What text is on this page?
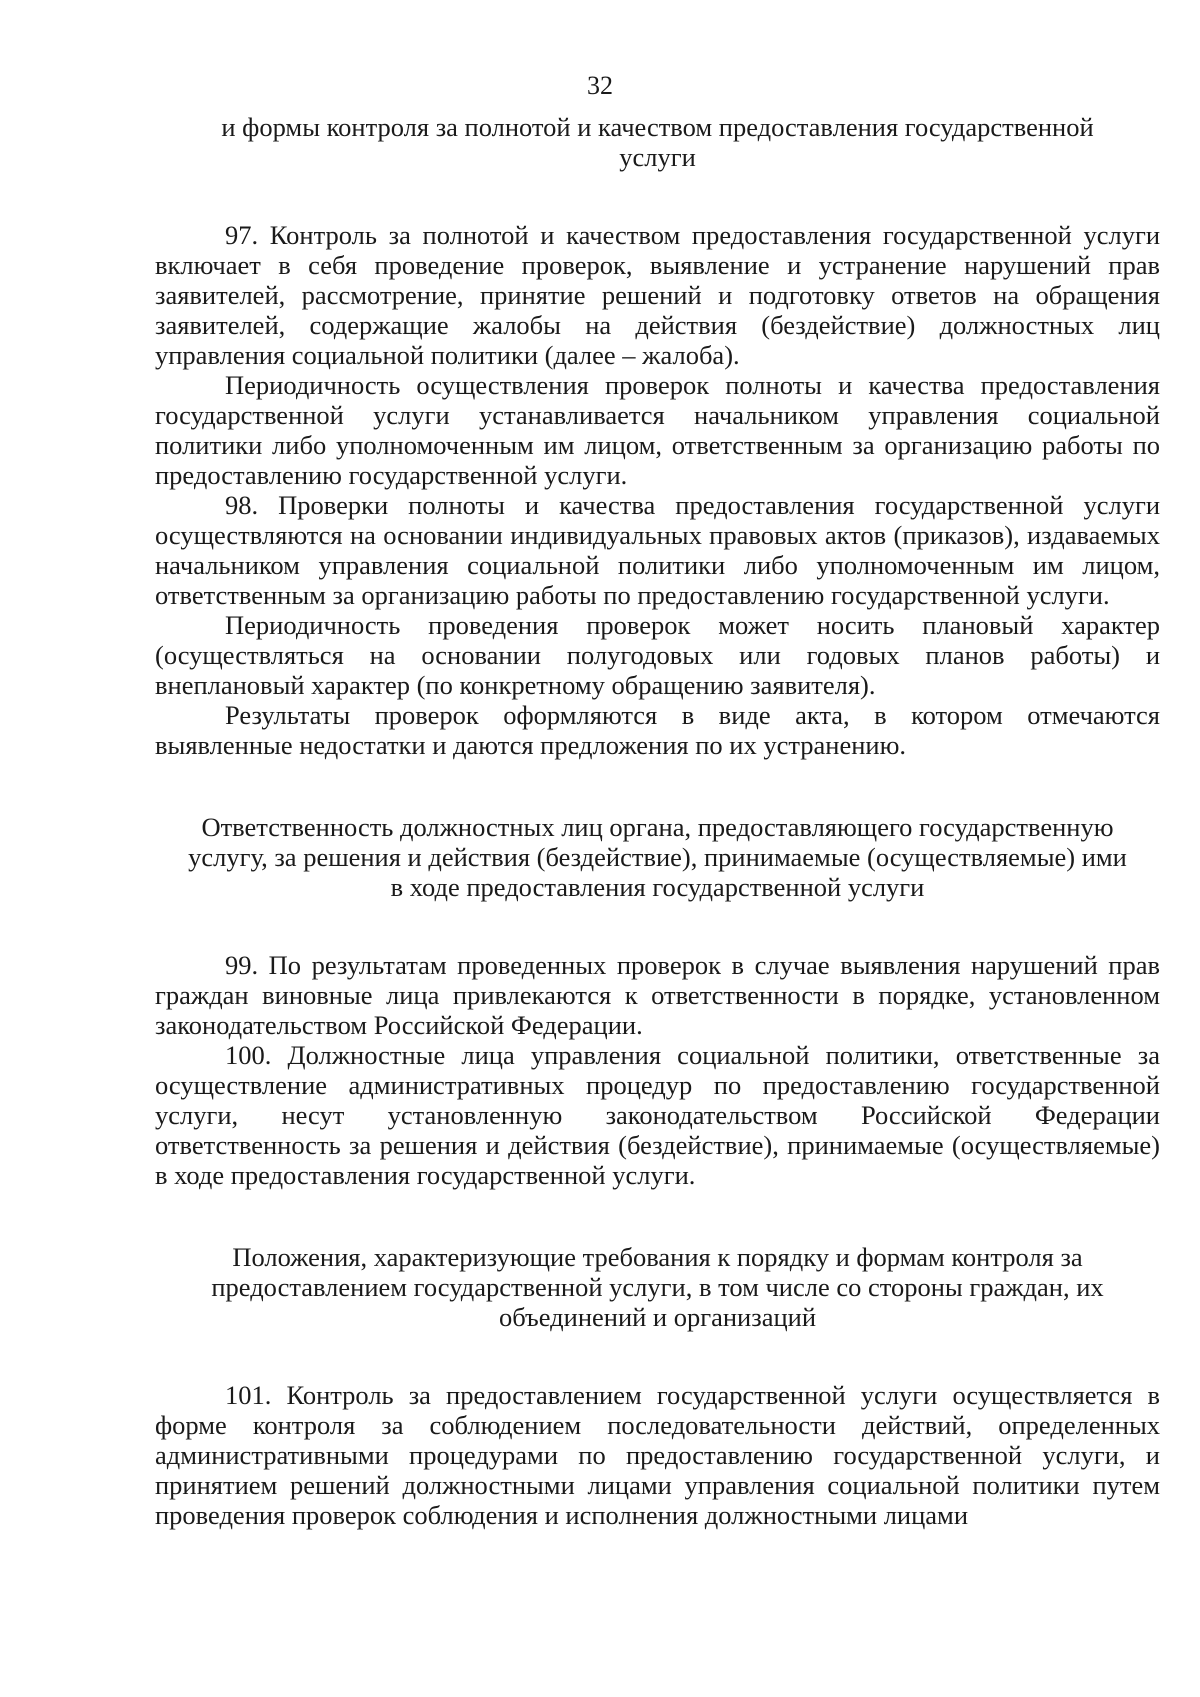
32
и формы контроля за полнотой и качеством предоставления государственной услуги

97. Контроль за полнотой и качеством предоставления государственной услуги включает в себя проведение проверок, выявление и устранение нарушений прав заявителей, рассмотрение, принятие решений и подготовку ответов на обращения заявителей, содержащие жалобы на действия (бездействие) должностных лиц управления социальной политики (далее – жалоба).

Периодичность осуществления проверок полноты и качества предоставления государственной услуги устанавливается начальником управления социальной политики либо уполномоченным им лицом, ответственным за организацию работы по предоставлению государственной услуги.

98. Проверки полноты и качества предоставления государственной услуги осуществляются на основании индивидуальных правовых актов (приказов), издаваемых начальником управления социальной политики либо уполномоченным им лицом, ответственным за организацию работы по предоставлению государственной услуги.

Периодичность проведения проверок может носить плановый характер (осуществляться на основании полугодовых или годовых планов работы) и внеплановый характер (по конкретному обращению заявителя).

Результаты проверок оформляются в виде акта, в котором отмечаются выявленные недостатки и даются предложения по их устранению.

Ответственность должностных лиц органа, предоставляющего государственную услугу, за решения и действия (бездействие), принимаемые (осуществляемые) ими в ходе предоставления государственной услуги

99. По результатам проведенных проверок в случае выявления нарушений прав граждан виновные лица привлекаются к ответственности в порядке, установленном законодательством Российской Федерации.

100. Должностные лица управления социальной политики, ответственные за осуществление административных процедур по предоставлению государственной услуги, несут установленную законодательством Российской Федерации ответственность за решения и действия (бездействие), принимаемые (осуществляемые) в ходе предоставления государственной услуги.

Положения, характеризующие требования к порядку и формам контроля за предоставлением государственной услуги, в том числе со стороны граждан, их объединений и организаций

101. Контроль за предоставлением государственной услуги осуществляется в форме контроля за соблюдением последовательности действий, определенных административными процедурами по предоставлению государственной услуги, и принятием решений должностными лицами управления социальной политики путем проведения проверок соблюдения и исполнения должностными лицами
